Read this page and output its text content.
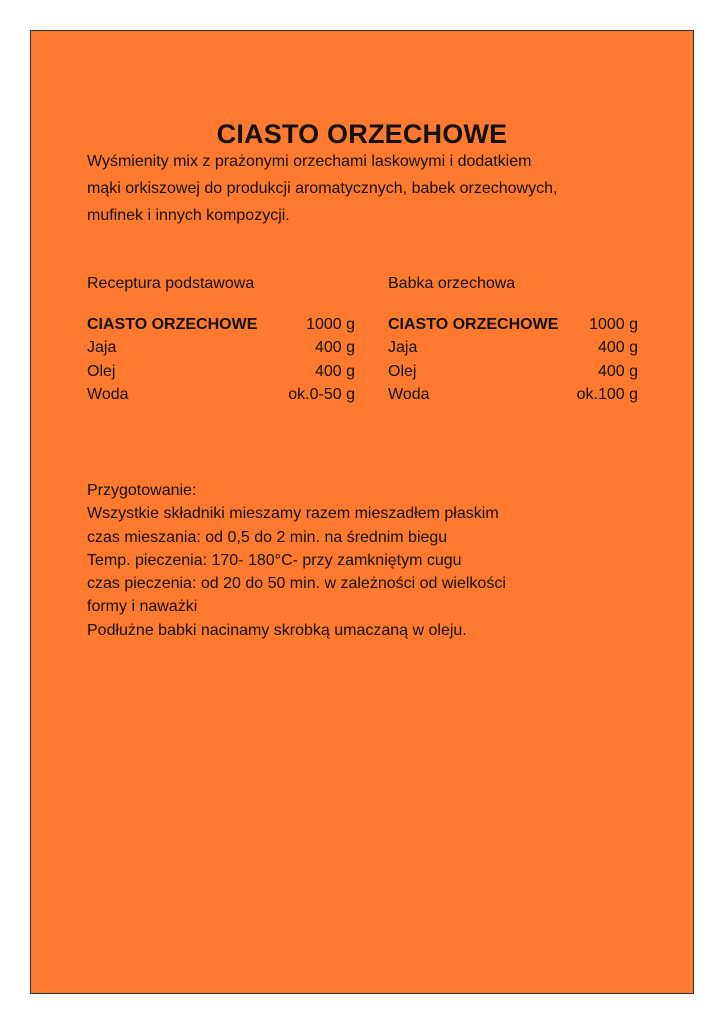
CIASTO ORZECHOWE
Wyśmienity mix z prażonymi orzechami laskowymi i dodatkiem
mąki orkiszowej do produkcji aromatycznych, babek orzechowych,
mufinek i innych kompozycji.
Receptura podstawowa
CIASTO ORZECHOWE	1000 g
Jaja	400 g
Olej	400 g
Woda	ok.0-50 g
Babka orzechowa
CIASTO ORZECHOWE 1000 g
Jaja	400 g
Olej	400 g
Woda	ok.100 g
Przygotowanie:
Wszystkie składniki mieszamy razem mieszadłem płaskim
czas mieszania: od 0,5 do 2 min. na średnim biegu
Temp. pieczenia: 170- 180°C- przy zamkniętym cugu
czas pieczenia: od 20 do 50 min. w zależności od wielkości
formy i naważki
Podłużne babki nacinamy skrobką umaczaną w oleju.
